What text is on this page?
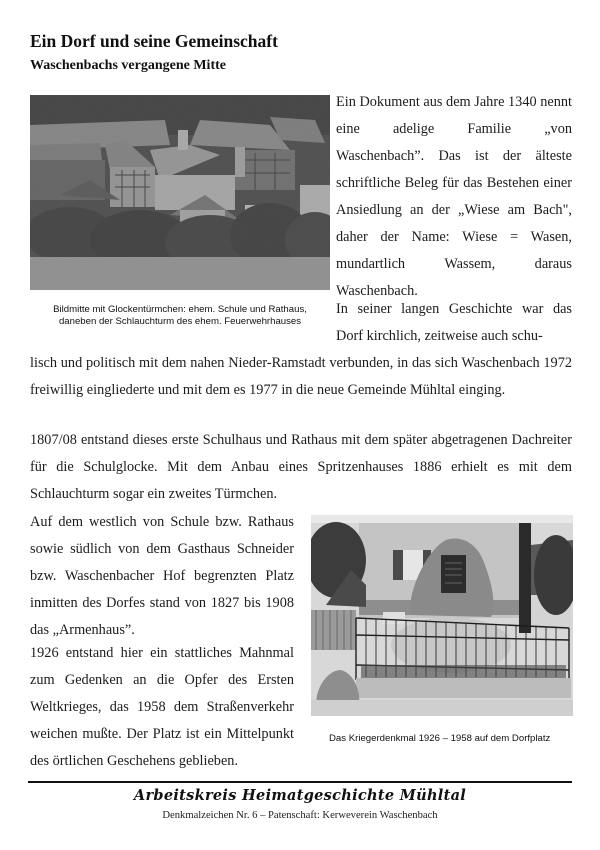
Ein Dorf und seine Gemeinschaft
Waschenbachs vergangene Mitte
Bildmitte mit Glockentürmchen: ehem. Schule und Rathaus,
daneben der Schlauchturm des ehem. Feuerwehrhauses
Ein Dokument aus dem Jahre 1340 nennt eine adelige Familie „von Waschenbach”. Das ist der älteste schriftliche Beleg für das Bestehen einer Ansiedlung an der „Wiese am Bach", daher der Name: Wiese = Wasen, mundartlich Wassem, daraus Waschenbach.
In seiner langen Geschichte war das Dorf kirchlich, zeitweise auch schu-
lisch und politisch mit dem nahen Nieder-Ramstadt verbunden, in das sich Waschenbach 1972 freiwillig eingliederte und mit dem es 1977 in die neue Gemeinde Mühltal einging.
1807/08 entstand dieses erste Schulhaus und Rathaus mit dem später abgetragenen Dachreiter für die Schulglocke. Mit dem Anbau eines Spritzenhauses 1886 erhielt es mit dem Schlauchturm sogar ein zweites Türmchen.
Auf dem westlich von Schule bzw. Rathaus sowie südlich von dem Gasthaus Schneider bzw. Waschenbacher Hof begrenzten Platz inmitten des Dorfes stand von 1827 bis 1908 das „Armenhaus”.
1926 entstand hier ein stattliches Mahnmal zum Gedenken an die Opfer des Ersten Weltkrieges, das 1958 dem Straßenverkehr weichen mußte. Der Platz ist ein Mittelpunkt des örtlichen Geschehens geblieben.
Das Kriegerdenkmal 1926 – 1958 auf dem Dorfplatz
Arbeitskreis Heimatgeschichte Mühltal
Denkmalzeichen Nr. 6 – Patenschaft: Kerweverein Waschenbach
